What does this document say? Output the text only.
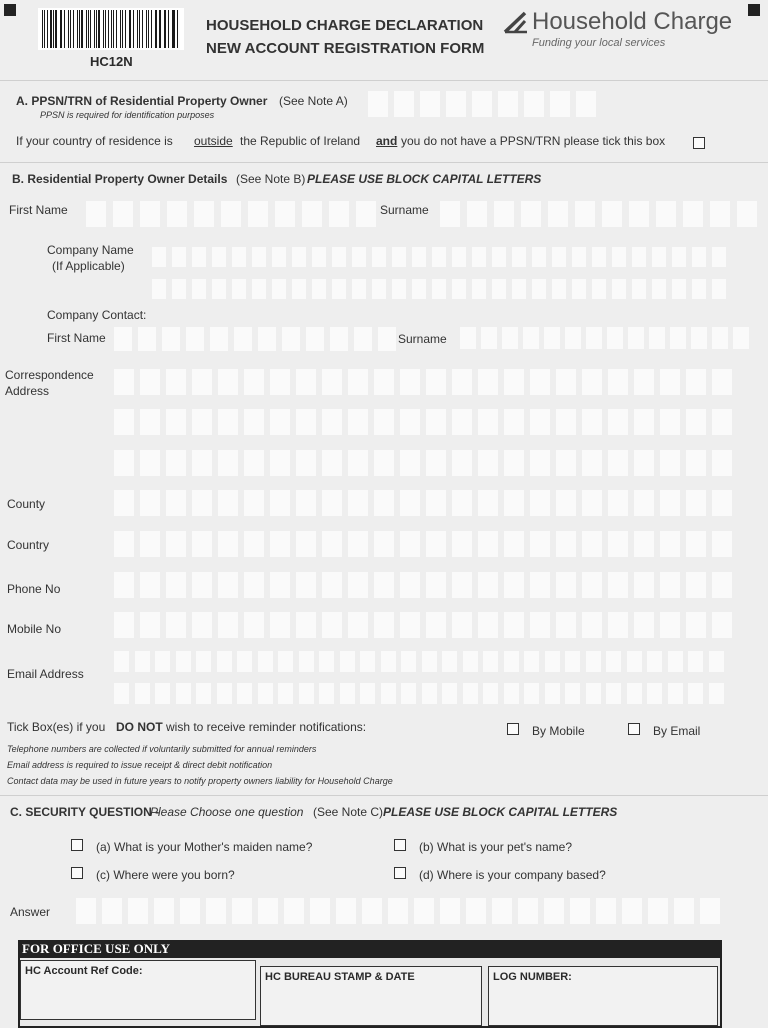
HC12N
HOUSEHOLD CHARGE DECLARATION
NEW ACCOUNT REGISTRATION FORM
Household Charge
Funding your local services
A. PPSN/TRN of Residential Property Owner (See Note A)
PPSN is required for identification purposes
If your country of residence is outside the Republic of Ireland and you do not have a PPSN/TRN please tick this box
B. Residential Property Owner Details (See Note B) PLEASE USE BLOCK CAPITAL LETTERS
First Name	Surname
Company Name
(If Applicable)
Company Contact:
First Name	Surname
Correspondence
Address
County
Country
Phone No
Mobile No
Email Address
Tick Box(es) if you DO NOT wish to receive reminder notifications:	By Mobile	By Email
Telephone numbers are collected if voluntarily submitted for annual reminders
Email address is required to issue receipt & direct debit notification
Contact data may be used in future years to notify property owners liability for Household Charge
C. SECURITY QUESTION -
Please Choose one question (See Note C) PLEASE USE BLOCK CAPITAL LETTERS
(a) What is your Mother's maiden name?	(b) What is your pet's name?
(c) Where were you born?	(d) Where is your company based?
Answer
FOR OFFICE USE ONLY
HC Account Ref Code:	HC BUREAU STAMP & DATE	LOG NUMBER:
